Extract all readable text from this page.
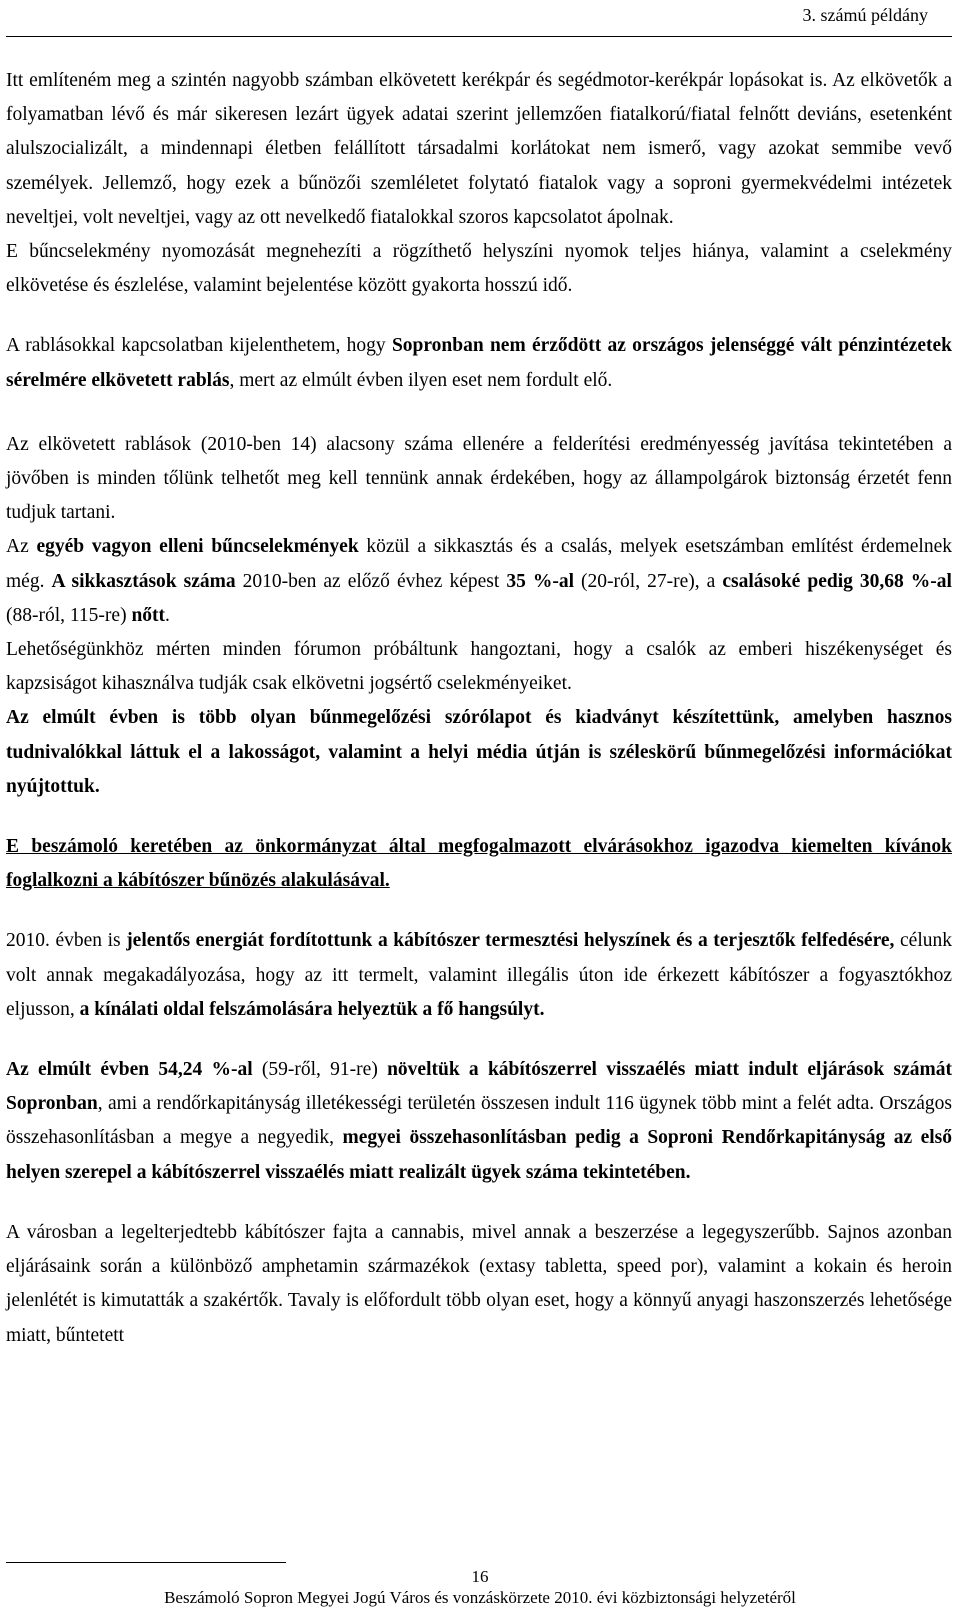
3. számú példány

Itt említeném meg a szintén nagyobb számban elkövetett kerékpár és segédmotor-kerékpár lopásokat is. Az elkövetők a folyamatban lévő és már sikeresen lezárt ügyek adatai szerint jellemzően fiatalkorú/fiatal felnőtt deviáns, esetenként alulszocializált, a mindennapi életben felállított társadalmi korlátokat nem ismerő, vagy azokat semmibe vevő személyek. Jellemző, hogy ezek a bűnözői szemléletet folytató fiatalok vagy a soproni gyermekvédelmi intézetek neveltjei, volt neveltjei, vagy az ott nevelkedő fiatalokkal szoros kapcsolatot ápolnak.

E bűncselekmény nyomozását megnehezíti a rögzíthető helyszíni nyomok teljes hiánya, valamint a cselekmény elkövetése és észlelése, valamint bejelentése között gyakorta hosszú idő.

A rablásokkal kapcsolatban kijelenthetem, hogy Sopronban nem érződött az országos jelenséggé vált pénzintézetek sérelmére elkövetett rablás, mert az elmúlt évben ilyen eset nem fordult elő.

Az elkövetett rablások (2010-ben 14) alacsony száma ellenére a felderítési eredményesség javítása tekintetében a jövőben is minden tőlünk telhetőt meg kell tennünk annak érdekében, hogy az állampolgárok biztonság érzetét fenn tudjuk tartani.

Az egyéb vagyon elleni bűncselekmények közül a sikkasztás és a csalás, melyek esetszámban említést érdemelnek még. A sikkasztások száma 2010-ben az előző évhez képest 35 %-al (20-ról, 27-re), a csalásoké pedig 30,68 %-al (88-ról, 115-re) nőtt.

Lehetőségünkhöz mérten minden fórumon próbáltunk hangoztani, hogy a csalók az emberi hiszékenységet és kapzsiságot kihasználva tudják csak elkövetni jogsértő cselekményeiket.

Az elmúlt évben is több olyan bűnmegelőzési szórólapot és kiadványt készítettünk, amelyben hasznos tudnivalókkal láttuk el a lakosságot, valamint a helyi média útján is széleskörű bűnmegelőzési információkat nyújtottuk.

E beszámoló keretében az önkormányzat által megfogalmazott elvárásokhoz igazodva kiemelten kívánok foglalkozni a kábítószer bűnözés alakulásával.

2010. évben is jelentős energiát fordítottunk a kábítószer termesztési helyszínek és a terjesztők felfedésére, célunk volt annak megakadályozása, hogy az itt termelt, valamint illegális úton ide érkezett kábítószer a fogyasztókhoz eljusson, a kínálati oldal felszámolására helyeztük a fő hangsúlyt.

Az elmúlt évben 54,24 %-al (59-ről, 91-re) növeltük a kábítószerrel visszaélés miatt indult eljárások számát Sopronban, ami a rendőrkapitányság illetékességi területén összesen indult 116 ügynek több mint a felét adta. Országos összehasonlításban a megye a negyedik, megyei összehasonlításban pedig a Soproni Rendőrkapitányság az első helyen szerepel a kábítószerrel visszaélés miatt realizált ügyek száma tekintetében.

A városban a legelterjedtebb kábítószer fajta a cannabis, mivel annak a beszerzése a legegyszerűbb. Sajnos azonban eljárásaink során a különböző amphetamin származékok (extasy tabletta, speed por), valamint a kokain és heroin jelenlétét is kimutatták a szakértők. Tavaly is előfordult több olyan eset, hogy a könnyű anyagi haszonszerzés lehetősége miatt, bűntetett

16
Beszámoló Sopron Megyei Jogú Város és vonzáskörzete 2010. évi közbiztonsági helyzetéről
